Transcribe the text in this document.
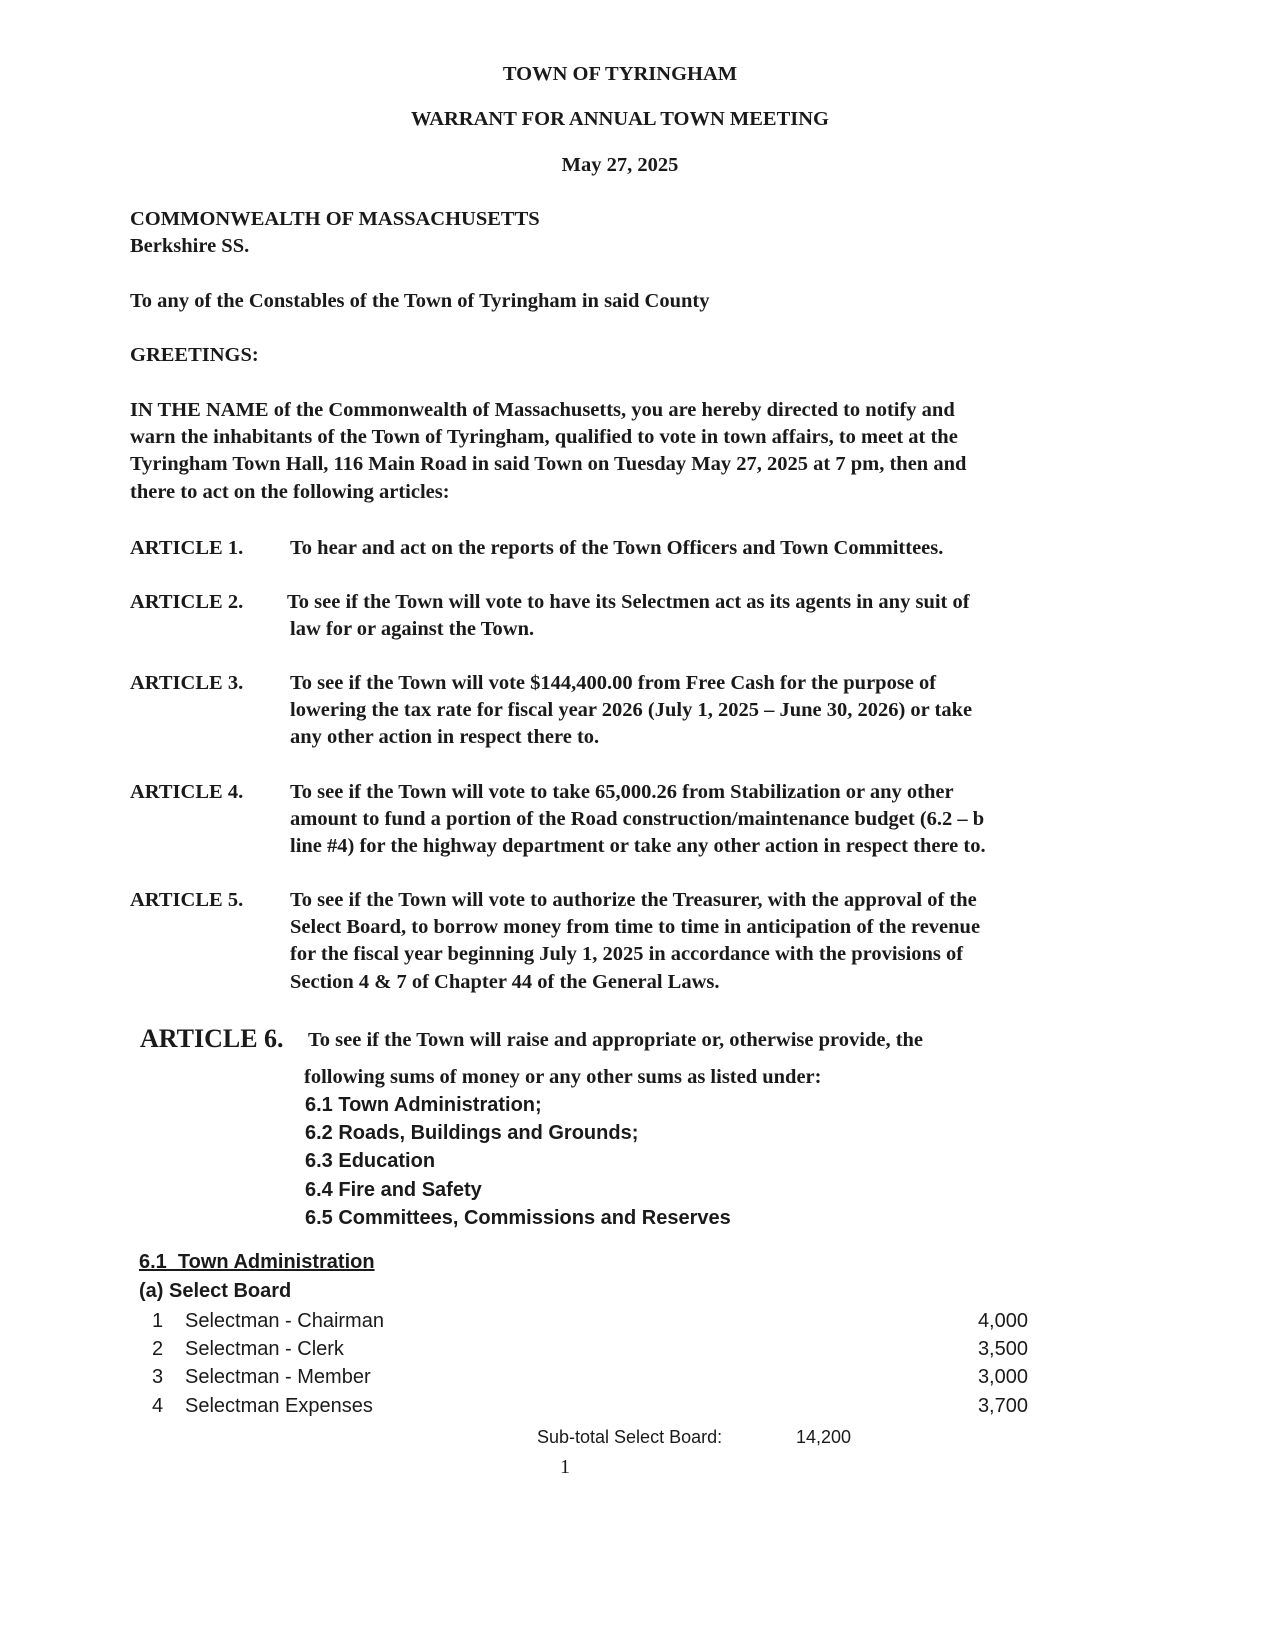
TOWN OF TYRINGHAM
WARRANT FOR ANNUAL TOWN MEETING
May 27, 2025
COMMONWEALTH OF MASSACHUSETTS
Berkshire SS.
To any of the Constables of the Town of Tyringham in said County
GREETINGS:
IN THE NAME of the Commonwealth of Massachusetts, you are hereby directed to notify and
warn the inhabitants of the Town of Tyringham, qualified to vote in town affairs, to meet at the
Tyringham Town Hall, 116 Main Road in said Town on Tuesday May 27, 2025 at 7 pm, then and
there to act on the following articles:
ARTICLE 1. To hear and act on the reports of the Town Officers and Town Committees.
ARTICLE 2. To see if the Town will vote to have its Selectmen act as its agents in any suit of
law for or against the Town.
ARTICLE 3. To see if the Town will vote $144,400.00 from Free Cash for the purpose of
lowering the tax rate for fiscal year 2026 (July 1, 2025 – June 30, 2026) or take
any other action in respect there to.
ARTICLE 4. To see if the Town will vote to take 65,000.26 from Stabilization or any other
amount to fund a portion of the Road construction/maintenance budget (6.2 – b
line #4) for the highway department or take any other action in respect there to.
ARTICLE 5. To see if the Town will vote to authorize the Treasurer, with the approval of the
Select Board, to borrow money from time to time in anticipation of the revenue
for the fiscal year beginning July 1, 2025 in accordance with the provisions of
Section 4 & 7 of Chapter 44 of the General Laws.
ARTICLE 6. To see if the Town will raise and appropriate or, otherwise provide, the
following sums of money or any other sums as listed under:
6.1 Town Administration;
6.2 Roads, Buildings and Grounds;
6.3 Education
6.4 Fire and Safety
6.5 Committees, Commissions and Reserves
6.1  Town Administration
(a) Select Board
1 Selectman - Chairman	4,000
2 Selectman - Clerk	3,500
3 Selectman - Member	3,000
4 Selectman Expenses	3,700
Sub-total Select Board:	14,200
1
